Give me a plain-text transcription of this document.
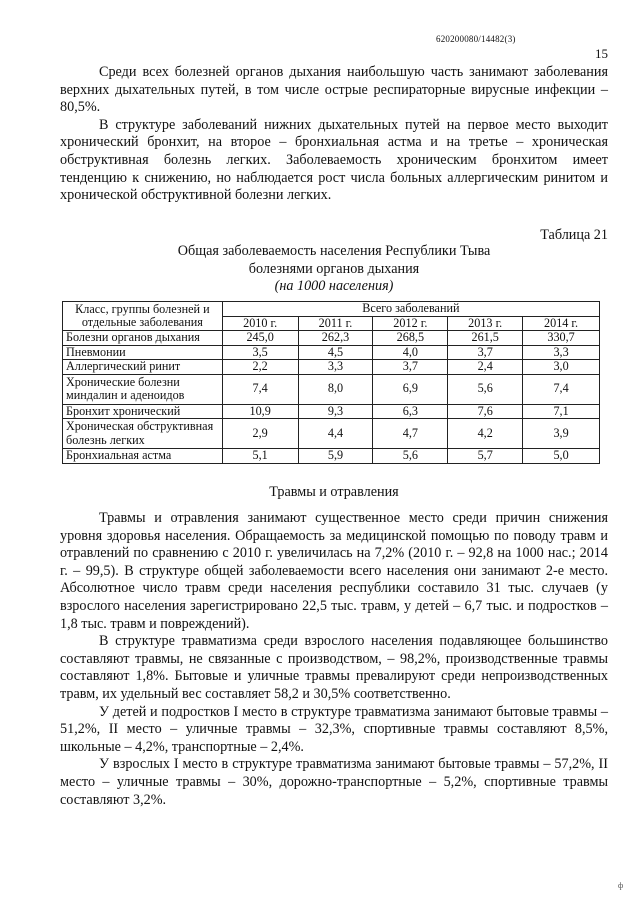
620200080/14482(3)
15

Среди всех болезней органов дыхания наибольшую часть занимают заболевания верхних дыхательных путей, в том числе острые респираторные вирусные инфекции – 80,5%.

В структуре заболеваний нижних дыхательных путей на первое место выходит хронический бронхит, на второе – бронхиальная астма и на третье – хроническая обструктивная болезнь легких. Заболеваемость хроническим бронхитом имеет тенденцию к снижению, но наблюдается рост числа больных аллергическим ринитом и хронической обструктивной болезни легких.

Таблица 21
Общая заболеваемость населения Республики Тыва
болезнями органов дыхания
(на 1000 населения)
Класс, группы болезней и отдельные заболевания	Всего заболеваний				
	2010 г.	2011 г.	2012 г.	2013 г.	2014 г.
Болезни органов дыхания	245,0	262,3	268,5	261,5	330,7
Пневмонии	3,5	4,5	4,0	3,7	3,3
Аллергический ринит	2,2	3,3	3,7	2,4	3,0
Хронические болезни миндалин и аденоидов	7,4	8,0	6,9	5,6	7,4
Бронхит хронический	10,9	9,3	6,3	7,6	7,1
Хроническая обструктивная болезнь легких	2,9	4,4	4,7	4,2	3,9
Бронхиальная астма	5,1	5,9	5,6	5,7	5,0
Травмы и отравления

Травмы и отравления занимают существенное место среди причин снижения уровня здоровья населения. Обращаемость за медицинской помощью по поводу травм и отравлений по сравнению с 2010 г. увеличилась на 7,2% (2010 г. – 92,8 на 1000 нас.; 2014 г. – 99,5). В структуре общей заболеваемости всего населения они занимают 2-е место. Абсолютное число травм среди населения республики составило 31 тыс. случаев (у взрослого населения зарегистрировано 22,5 тыс. травм, у детей – 6,7 тыс. и подростков – 1,8 тыс. травм и повреждений).

В структуре травматизма среди взрослого населения подавляющее большинство составляют травмы, не связанные с производством, – 98,2%, производственные травмы составляют 1,8%. Бытовые и уличные травмы превалируют среди непроизводственных травм, их удельный вес составляет 58,2 и 30,5% соответственно.

У детей и подростков I место в структуре травматизма занимают бытовые травмы – 51,2%, II место – уличные травмы – 32,3%, спортивные травмы составляют 8,5%, школьные – 4,2%, транспортные – 2,4%.

У взрослых I место в структуре травматизма занимают бытовые травмы – 57,2%, II место – уличные травмы – 30%, дорожно-транспортные – 5,2%, спортивные травмы составляют 3,2%.

ф
